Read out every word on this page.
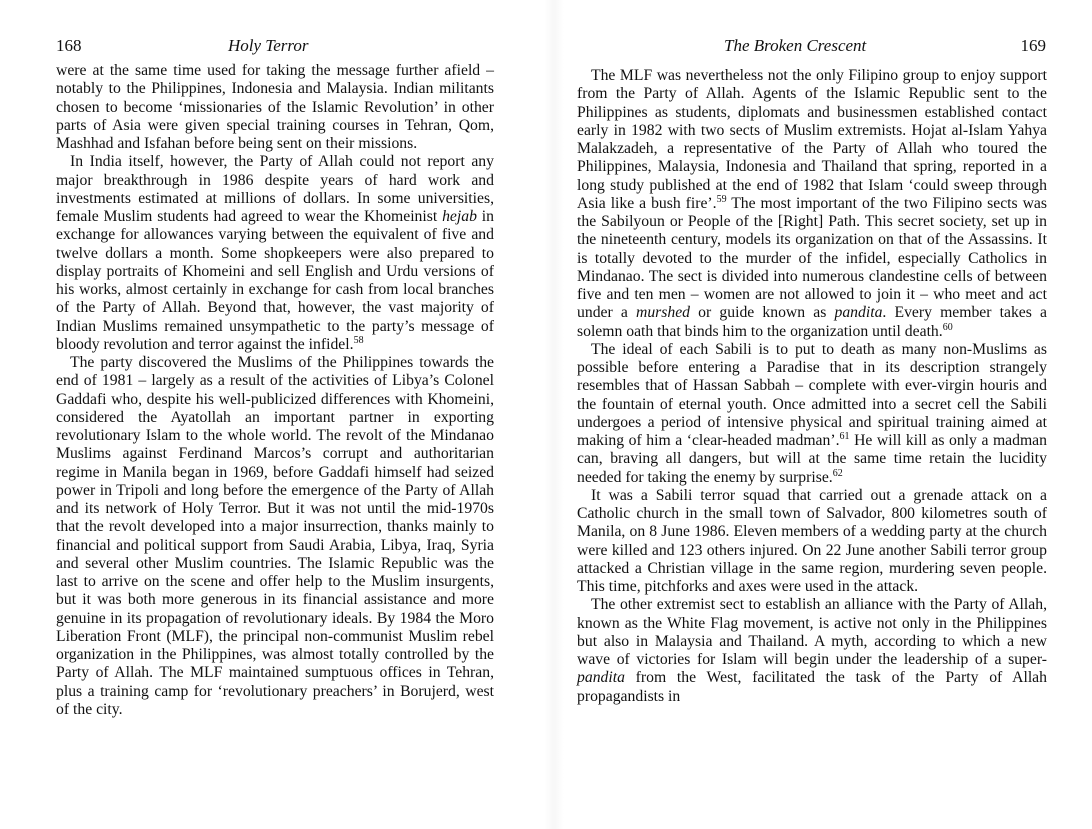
168	Holy Terror

were at the same time used for taking the message further afield – notably to the Philippines, Indonesia and Malaysia. Indian militants chosen to become ‘missionaries of the Islamic Revolution’ in other parts of Asia were given special training courses in Tehran, Qom, Mashhad and Isfahan before being sent on their missions.

In India itself, however, the Party of Allah could not report any major breakthrough in 1986 despite years of hard work and investments estimated at millions of dollars. In some universities, female Muslim students had agreed to wear the Khomeinist hejab in exchange for allowances varying between the equivalent of five and twelve dollars a month. Some shopkeepers were also prepared to display portraits of Khomeini and sell English and Urdu versions of his works, almost certainly in exchange for cash from local branches of the Party of Allah. Beyond that, however, the vast majority of Indian Muslims remained unsympathetic to the party’s message of bloody revolution and terror against the infidel.$^{58}$

The party discovered the Muslims of the Philippines towards the end of 1981 – largely as a result of the activities of Libya’s Colonel Gaddafi who, despite his well-publicized differences with Khomeini, considered the Ayatollah an important partner in exporting revolutionary Islam to the whole world. The revolt of the Mindanao Muslims against Ferdinand Marcos’s corrupt and authoritarian regime in Manila began in 1969, before Gaddafi himself had seized power in Tripoli and long before the emergence of the Party of Allah and its network of Holy Terror. But it was not until the mid-1970s that the revolt developed into a major insurrection, thanks mainly to financial and political support from Saudi Arabia, Libya, Iraq, Syria and several other Muslim countries. The Islamic Republic was the last to arrive on the scene and offer help to the Muslim insurgents, but it was both more generous in its financial assistance and more genuine in its propagation of revolutionary ideals. By 1984 the Moro Liberation Front (MLF), the principal non-communist Muslim rebel organization in the Philippines, was almost totally controlled by the Party of Allah. The MLF maintained sumptuous offices in Tehran, plus a training camp for ‘revolutionary preachers’ in Borujerd, west of the city.

The Broken Crescent	169

The MLF was nevertheless not the only Filipino group to enjoy support from the Party of Allah. Agents of the Islamic Republic sent to the Philippines as students, diplomats and businessmen established contact early in 1982 with two sects of Muslim extremists. Hojat al-Islam Yahya Malakzadeh, a representative of the Party of Allah who toured the Philippines, Malaysia, Indonesia and Thailand that spring, reported in a long study published at the end of 1982 that Islam ‘could sweep through Asia like a bush fire’.$^{59}$ The most important of the two Filipino sects was the Sabilyoun or People of the [Right] Path. This secret society, set up in the nineteenth century, models its organization on that of the Assassins. It is totally devoted to the murder of the infidel, especially Catholics in Mindanao. The sect is divided into numerous clandestine cells of between five and ten men – women are not allowed to join it – who meet and act under a murshed or guide known as pandita. Every member takes a solemn oath that binds him to the organization until death.$^{60}$

The ideal of each Sabili is to put to death as many non-Muslims as possible before entering a Paradise that in its description strangely resembles that of Hassan Sabbah – complete with ever-virgin houris and the fountain of eternal youth. Once admitted into a secret cell the Sabili undergoes a period of intensive physical and spiritual training aimed at making of him a ‘clear-headed madman’.$^{61}$ He will kill as only a madman can, braving all dangers, but will at the same time retain the lucidity needed for taking the enemy by surprise.$^{62}$

It was a Sabili terror squad that carried out a grenade attack on a Catholic church in the small town of Salvador, 800 kilometres south of Manila, on 8 June 1986. Eleven members of a wedding party at the church were killed and 123 others injured. On 22 June another Sabili terror group attacked a Christian village in the same region, murdering seven people. This time, pitchforks and axes were used in the attack.

The other extremist sect to establish an alliance with the Party of Allah, known as the White Flag movement, is active not only in the Philippines but also in Malaysia and Thailand. A myth, according to which a new wave of victories for Islam will begin under the leadership of a super-pandita from the West, facilitated the task of the Party of Allah propagandists in
